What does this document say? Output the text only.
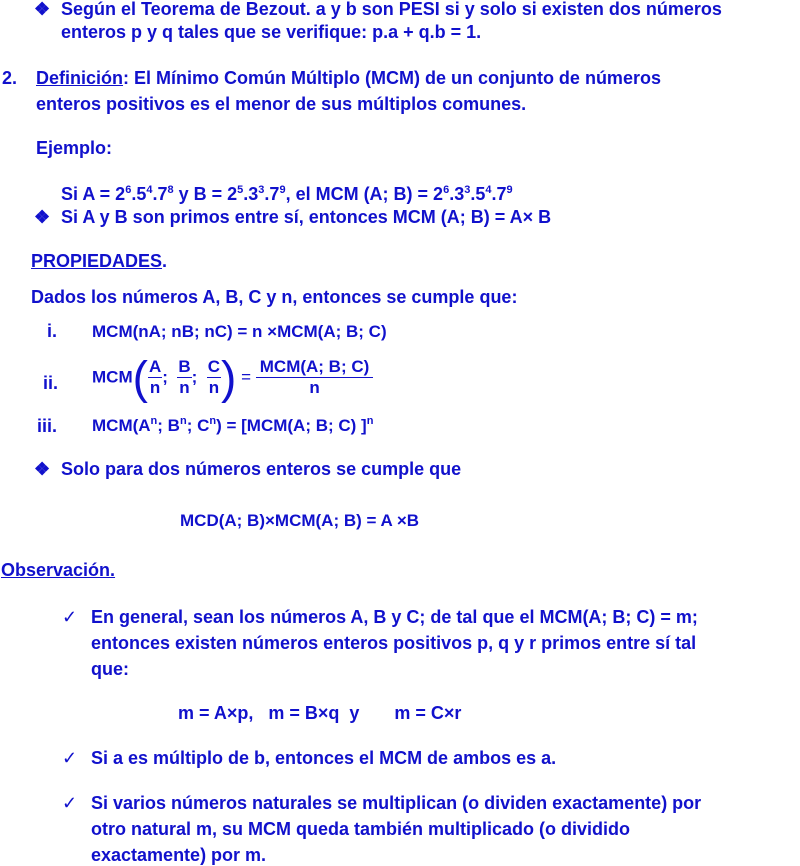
❖ Según el Teorema de Bezout. a y b son PESI si y solo si existen dos números
enteros p y q tales que se verifique: p.a + q.b = 1.
2. Definición: El Mínimo Común Múltiplo (MCM) de un conjunto de números
enteros positivos es el menor de sus múltiplos comunes.
Ejemplo:
Si $A = 2^6.5^4.7^8$ y $B = 2^5.3^3.7^9$, el MCM (A; $B) = 2^6.3^3.5^4.7^9$
❖ Si A y B son primos entre sí, entonces MCM (A; B) = A× B
PROPIEDADES.
Dados los números A, B, C y n, entonces se cumple que:
i. MCM(nA; nB; nC) = n ×MCM(A; B; C)
ii. $MCM( \frac{A}{n}$ ; $\frac{B}{n}$ ; $\frac{C}{n}$ ) = $\frac{\text{MCM(A; B; C)}}{n}$
iii. $MCM(A^n$; $B^n$; $C^n) = [MCM(A$; B; C) ]$^n$
❖ Solo para dos números enteros se cumple que
MCD(A; B)×MCM(A; B) = A ×B
Observación.
✓ En general, sean los números A, B y C; de tal que el MCM(A; B; C) = m;
entonces existen números enteros positivos p, q y r primos entre sí tal
que:
m = A×p,   m = B×q  y       m = C×r
✓ Si a es múltiplo de b, entonces el MCM de ambos es a.
✓ Si varios números naturales se multiplican (o dividen exactamente) por
otro natural m, su MCM queda también multiplicado (o dividido
exactamente) por m.
